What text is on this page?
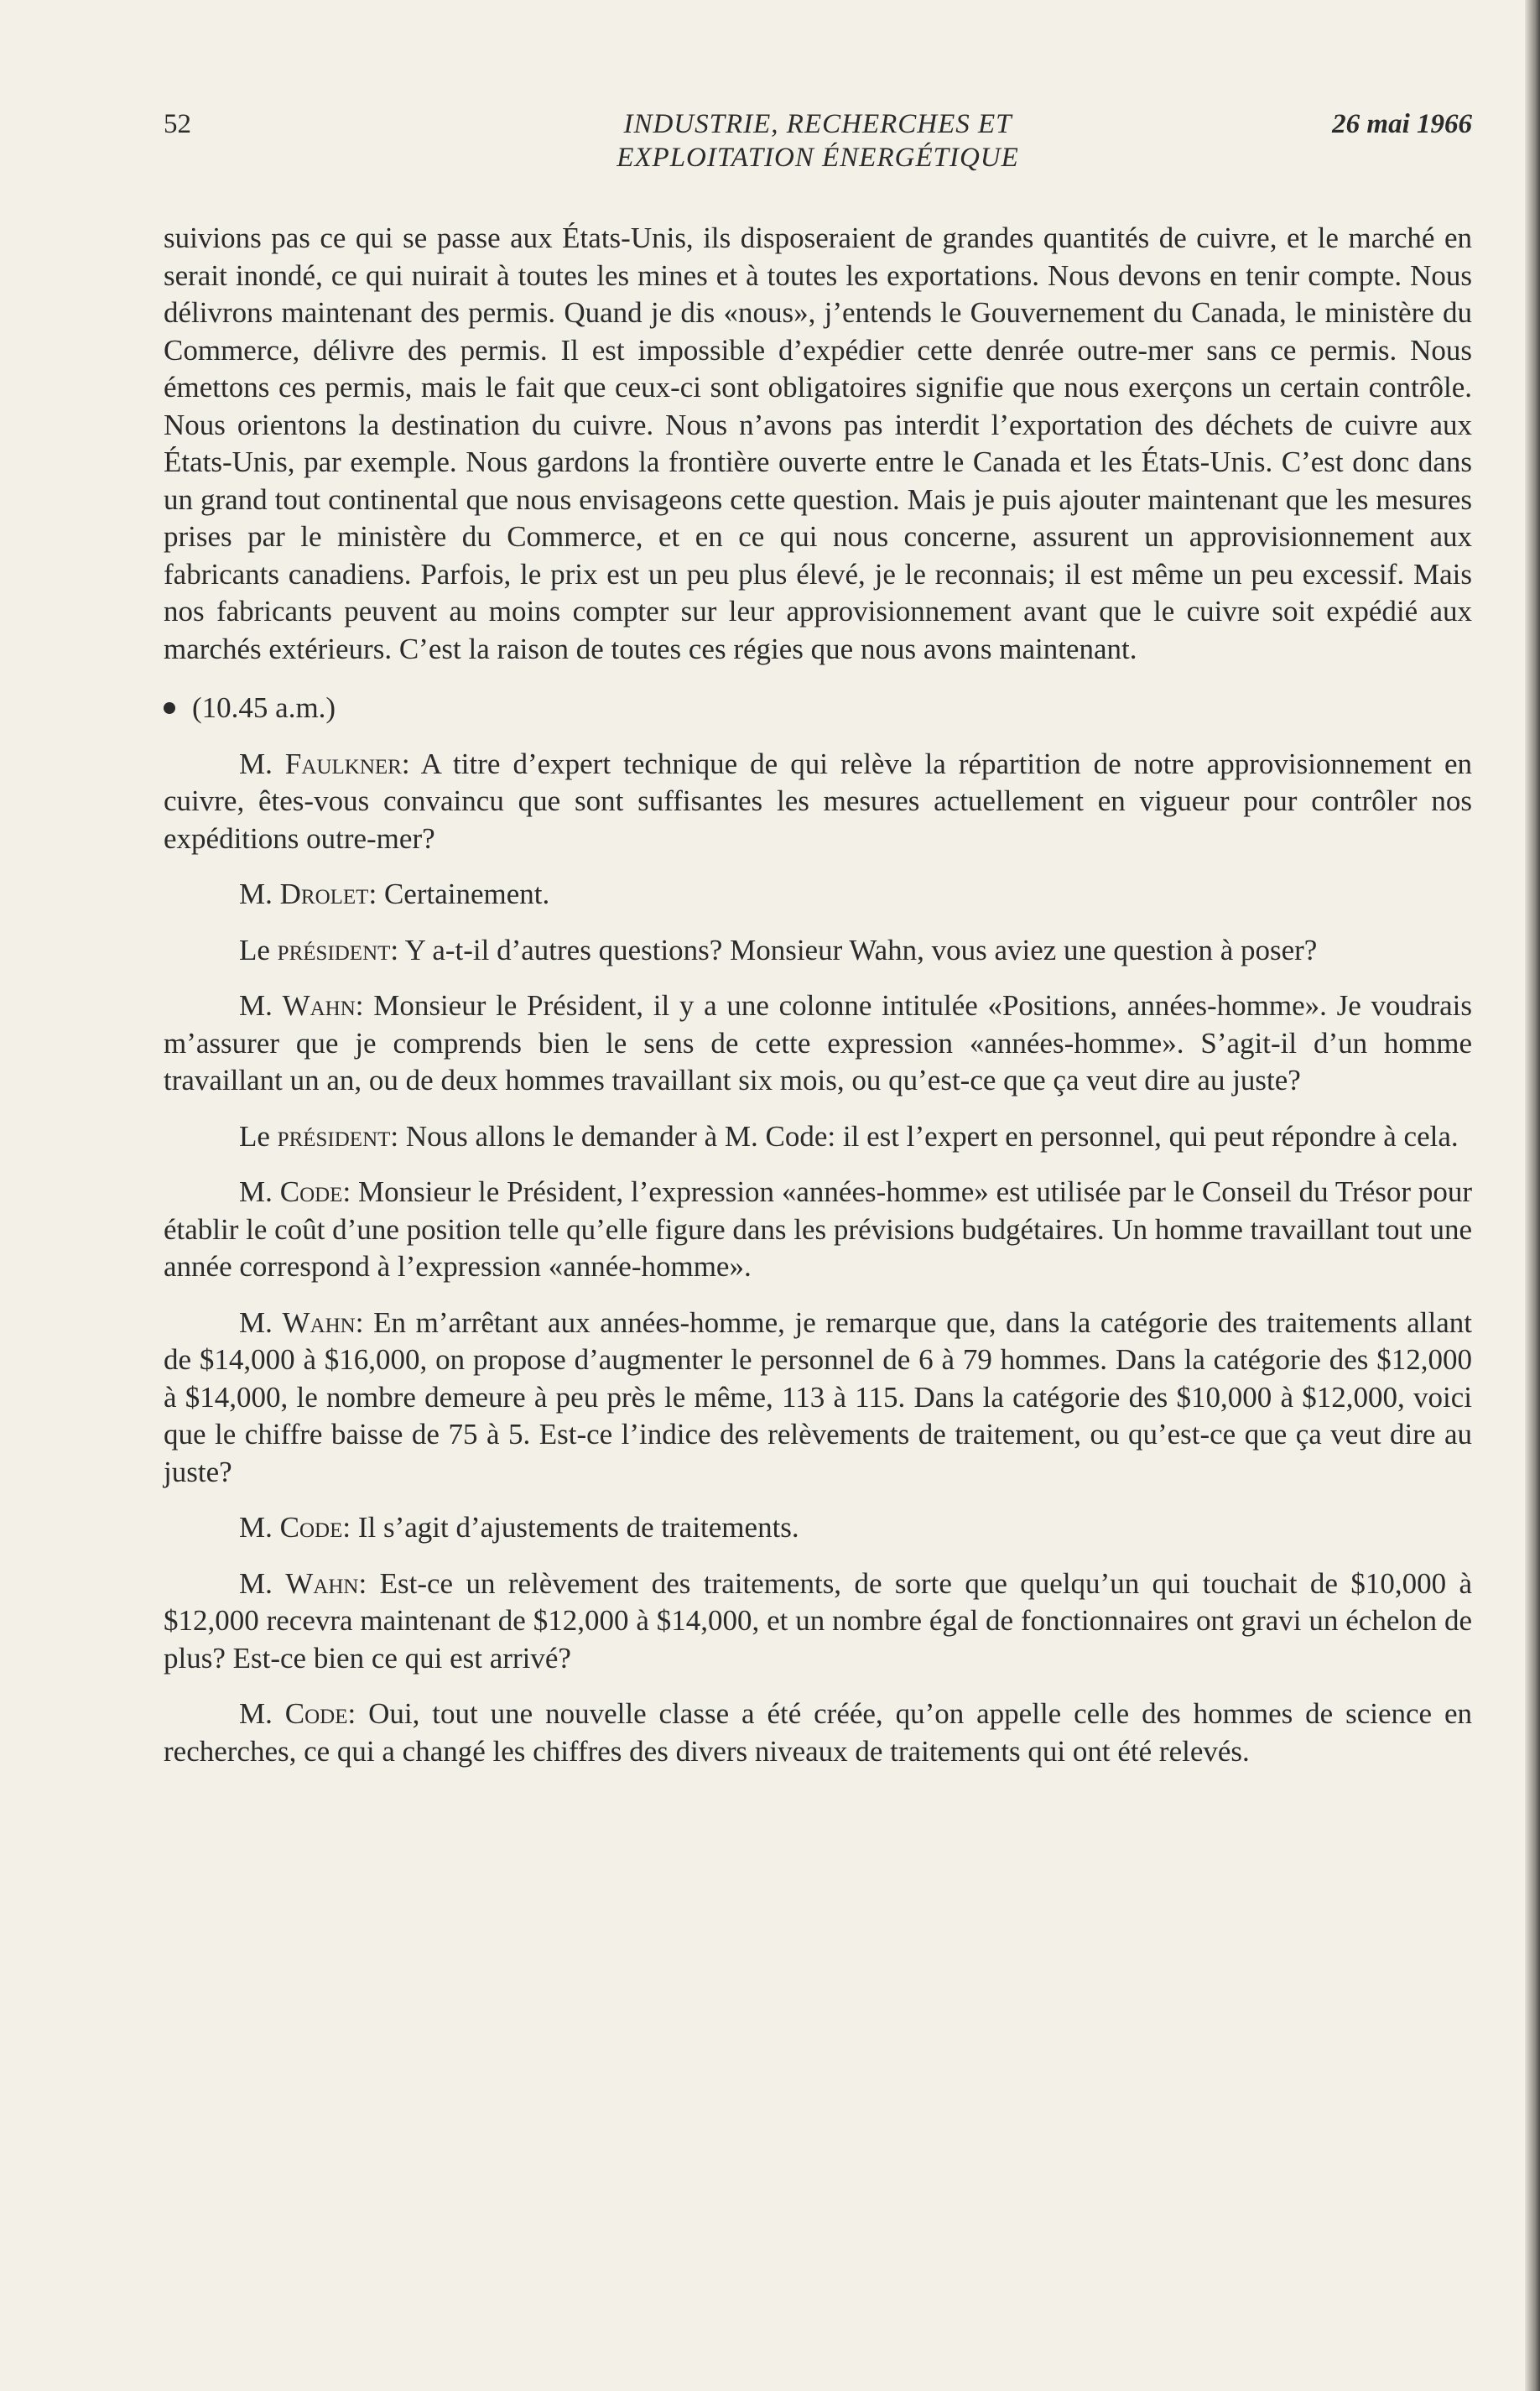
52	INDUSTRIE, RECHERCHES ET
EXPLOITATION ÉNERGÉTIQUE
26 mai 1966

suivions pas ce qui se passe aux États-Unis, ils disposeraient de grandes quantités de cuivre, et le marché en serait inondé, ce qui nuirait à toutes les mines et à toutes les exportations. Nous devons en tenir compte. Nous délivrons maintenant des permis. Quand je dis «nous», j’entends le Gouvernement du Canada, le ministère du Commerce, délivre des permis. Il est impossible d’expédier cette denrée outre-mer sans ce permis. Nous émettons ces permis, mais le fait que ceux-ci sont obligatoires signifie que nous exerçons un certain contrôle. Nous orientons la destination du cuivre. Nous n’avons pas interdit l’exportation des déchets de cuivre aux États-Unis, par exemple. Nous gardons la frontière ouverte entre le Canada et les États-Unis. C’est donc dans un grand tout continental que nous envisageons cette question. Mais je puis ajouter maintenant que les mesures prises par le ministère du Commerce, et en ce qui nous concerne, assurent un approvisionnement aux fabricants canadiens. Parfois, le prix est un peu plus élevé, je le reconnais; il est même un peu excessif. Mais nos fabricants peuvent au moins compter sur leur approvisionnement avant que le cuivre soit expédié aux marchés extérieurs. C’est la raison de toutes ces régies que nous avons maintenant.

(10.45 a.m.)

M. Faulkner: A titre d’expert technique de qui relève la répartition de notre approvisionnement en cuivre, êtes-vous convaincu que sont suffisantes les mesures actuellement en vigueur pour contrôler nos expéditions outre-mer?

M. Drolet: Certainement.

Le président: Y a-t-il d’autres questions? Monsieur Wahn, vous aviez une question à poser?

M. Wahn: Monsieur le Président, il y a une colonne intitulée «Positions, années-homme». Je voudrais m’assurer que je comprends bien le sens de cette expression «années-homme». S’agit-il d’un homme travaillant un an, ou de deux hommes travaillant six mois, ou qu’est-ce que ça veut dire au juste?

Le président: Nous allons le demander à M. Code: il est l’expert en personnel, qui peut répondre à cela.

M. Code: Monsieur le Président, l’expression «années-homme» est utilisée par le Conseil du Trésor pour établir le coût d’une position telle qu’elle figure dans les prévisions budgétaires. Un homme travaillant tout une année correspond à l’expression «année-homme».

M. Wahn: En m’arrêtant aux années-homme, je remarque que, dans la catégorie des traitements allant de $14,000 à $16,000, on propose d’augmenter le personnel de 6 à 79 hommes. Dans la catégorie des $12,000 à $14,000, le nombre demeure à peu près le même, 113 à 115. Dans la catégorie des $10,000 à $12,000, voici que le chiffre baisse de 75 à 5. Est-ce l’indice des relèvements de traitement, ou qu’est-ce que ça veut dire au juste?

M. Code: Il s’agit d’ajustements de traitements.

M. Wahn: Est-ce un relèvement des traitements, de sorte que quelqu’un qui touchait de $10,000 à $12,000 recevra maintenant de $12,000 à $14,000, et un nombre égal de fonctionnaires ont gravi un échelon de plus? Est-ce bien ce qui est arrivé?

M. Code: Oui, tout une nouvelle classe a été créée, qu’on appelle celle des hommes de science en recherches, ce qui a changé les chiffres des divers niveaux de traitements qui ont été relevés.
